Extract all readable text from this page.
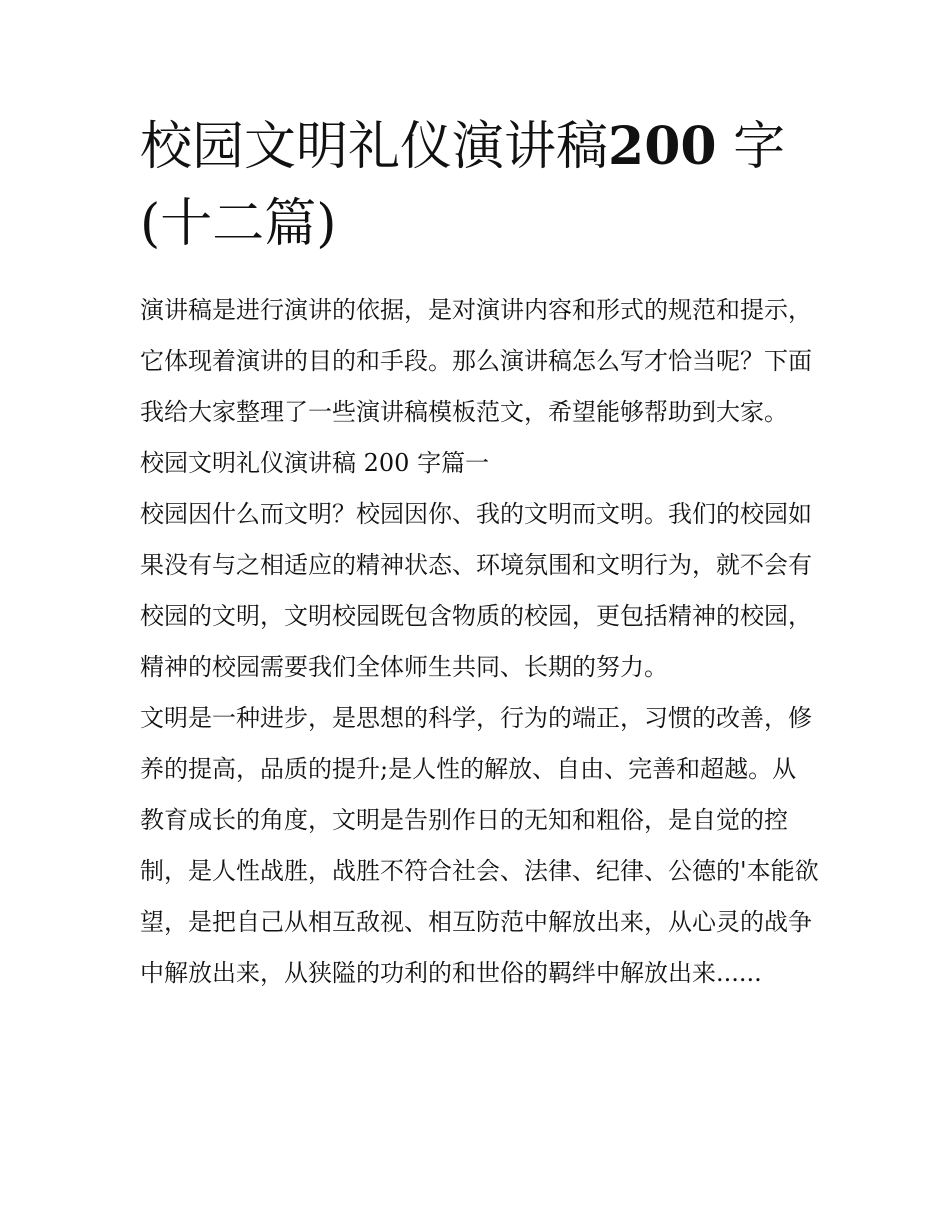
校园文明礼仪演讲稿200 字(十二篇)

演讲稿是进行演讲的依据，是对演讲内容和形式的规范和提示，它体现着演讲的目的和手段。那么演讲稿怎么写才恰当呢？下面我给大家整理了一些演讲稿模板范文，希望能够帮助到大家。

校园文明礼仪演讲稿 200 字篇一

校园因什么而文明？校园因你、我的文明而文明。我们的校园如果没有与之相适应的精神状态、环境氛围和文明行为，就不会有校园的文明，文明校园既包含物质的校园，更包括精神的校园，精神的校园需要我们全体师生共同、长期的努力。

文明是一种进步，是思想的科学，行为的端正，习惯的改善，修养的提高，品质的提升;是人性的解放、自由、完善和超越。从教育成长的角度，文明是告别作日的无知和粗俗，是自觉的控制，是人性战胜，战胜不符合社会、法律、纪律、公德的'本能欲望，是把自己从相互敌视、相互防范中解放出来，从心灵的战争中解放出来，从狭隘的功利的和世俗的羁绊中解放出来......
